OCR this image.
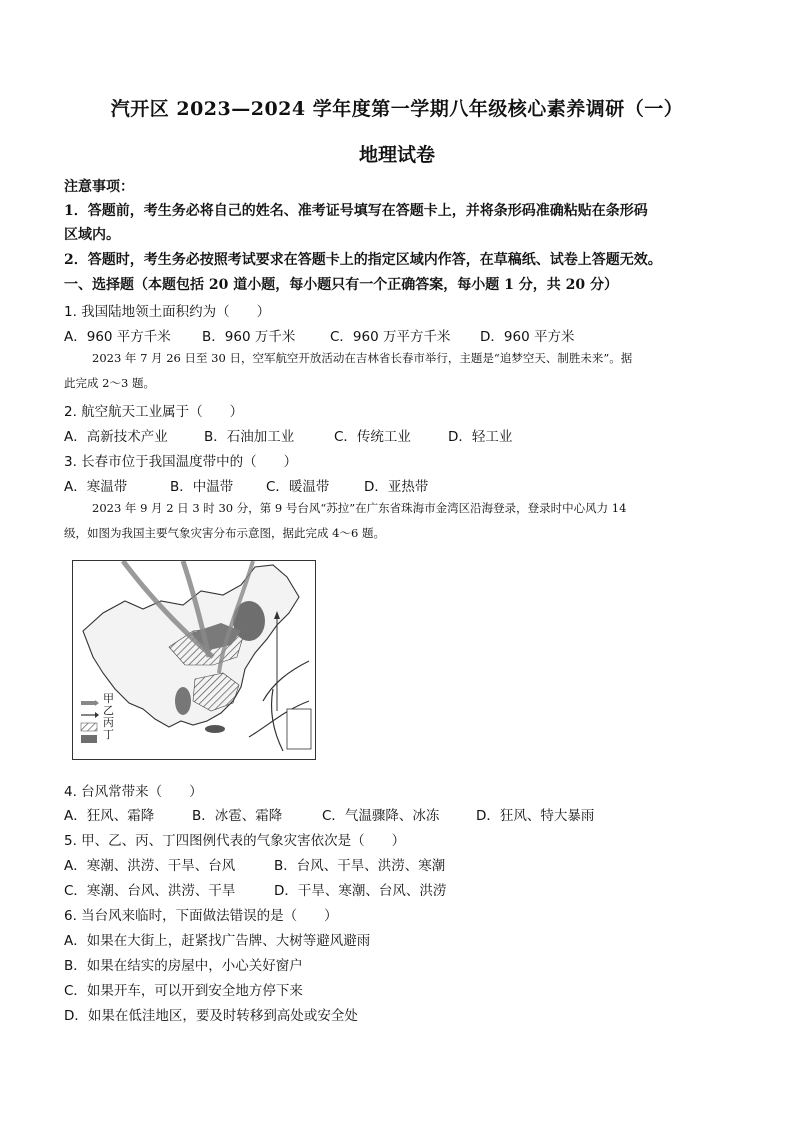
汽开区 2023—2024 学年度第一学期八年级核心素养调研（一）
地理试卷
注意事项：
1．答题前，考生务必将自己的姓名、准考证号填写在答题卡上，并将条形码准确粘贴在条形码
区域内。
2．答题时，考生务必按照考试要求在答题卡上的指定区域内作答，在草稿纸、试卷上答题无效。
一、选择题（本题包括 20 道小题，每小题只有一个正确答案，每小题 1 分，共 20 分）
1. 我国陆地领土面积约为（　　）
A．960 平方千米 B．960 万千米	C．960 万平方千米 D．960 平方米
2023 年 7 月 26 日至 30 日，空军航空开放活动在吉林省长春市举行，主题是“追梦空天、制胜未来”。据
此完成 2～3 题。
2. 航空航天工业属于（　　）
A．高新技术产业	B．石油加工业	C．传统工业	D．轻工业
3. 长春市位于我国温度带中的（　　）
A．寒温带	B．中温带 C．暖温带	D．亚热带
2023 年 9 月 2 日 3 时 30 分，第 9 号台风“苏拉”在广东省珠海市金湾区沿海登录，登录时中心风力 14
级，如图为我国主要气象灾害分布示意图，据此完成 4～6 题。
甲
乙
丙
丁
4. 台风常带来（　　）
A．狂风、霜降	B．冰雹、霜降	C．气温骤降、冰冻	D．狂风、特大暴雨
5. 甲、乙、丙、丁四图例代表的气象灾害依次是（　　）
A．寒潮、洪涝、干旱、台风	B．台风、干旱、洪涝、寒潮
C．寒潮、台风、洪涝、干旱	D．干旱、寒潮、台风、洪涝
6. 当台风来临时，下面做法错误的是（　　）
A．如果在大街上，赶紧找广告牌、大树等避风避雨
B．如果在结实的房屋中，小心关好窗户
C．如果开车，可以开到安全地方停下来
D．如果在低洼地区，要及时转移到高处或安全处
